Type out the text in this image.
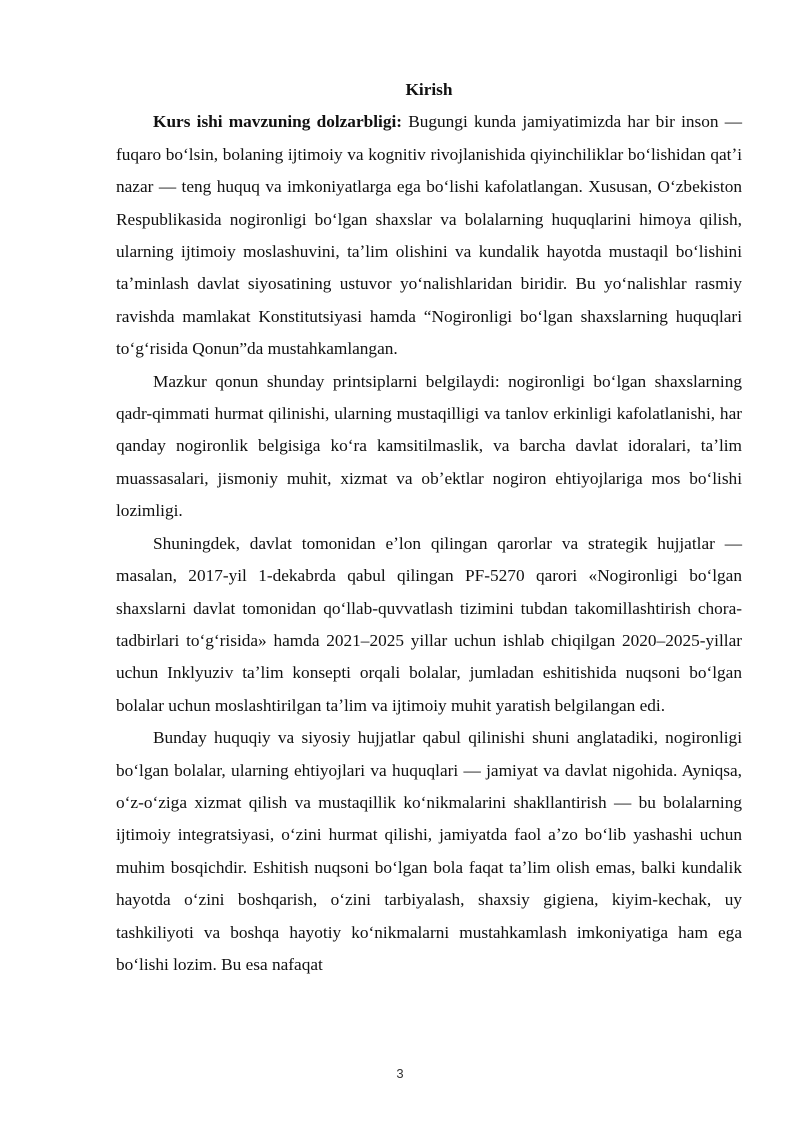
Kirish

Kurs ishi mavzuning dolzarbligi: Bugungi kunda jamiyatimizda har bir inson — fuqaro boʻlsin, bolaning ijtimoiy va kognitiv rivojlanishida qiyinchiliklar boʻlishidan qatʼi nazar — teng huquq va imkoniyatlarga ega boʻlishi kafolatlangan. Xususan, Oʻzbekiston Respublikasida nogironligi boʻlgan shaxslar va bolalarning huquqlarini himoya qilish, ularning ijtimoiy moslashuvini, taʼlim olishini va kundalik hayotda mustaqil boʻlishini taʼminlash davlat siyosatining ustuvor yoʻnalishlaridan biridir. Bu yoʻnalishlar rasmiy ravishda mamlakat Konstitutsiyasi hamda “Nogironligi boʻlgan shaxslarning huquqlari toʻgʻrisida Qonun”da mustahkamlangan.

Mazkur qonun shunday printsiplarni belgilaydi: nogironligi boʻlgan shaxslarning qadr-qimmati hurmat qilinishi, ularning mustaqilligi va tanlov erkinligi kafolatlanishi, har qanday nogironlik belgisiga koʻra kamsitilmaslik, va barcha davlat idoralari, taʼlim muassasalari, jismoniy muhit, xizmat va obʼektlar nogiron ehtiyojlariga mos boʻlishi lozimligi.

Shuningdek, davlat tomonidan eʼlon qilingan qarorlar va strategik hujjatlar — masalan, 2017-yil 1-dekabrda qabul qilingan PF-5270 qarori «Nogironligi boʻlgan shaxslarni davlat tomonidan qoʻllab-quvvatlash tizimini tubdan takomillashtirish chora-tadbirlari toʻgʻrisida» hamda 2021–2025 yillar uchun ishlab chiqilgan 2020–2025-yillar uchun Inklyuziv taʼlim konsepti orqali bolalar, jumladan eshitishida nuqsoni boʻlgan bolalar uchun moslashtirilgan taʼlim va ijtimoiy muhit yaratish belgilangan edi.

Bunday huquqiy va siyosiy hujjatlar qabul qilinishi shuni anglatadiki, nogironligi boʻlgan bolalar, ularning ehtiyojlari va huquqlari — jamiyat va davlat nigohida. Ayniqsa, oʻz-oʻziga xizmat qilish va mustaqillik koʻnikmalarini shakllantirish — bu bolalarning ijtimoiy integratsiyasi, oʻzini hurmat qilishi, jamiyatda faol aʼzo boʻlib yashashi uchun muhim bosqichdir. Eshitish nuqsoni boʻlgan bola faqat taʼlim olish emas, balki kundalik hayotda oʻzini boshqarish, oʻzini tarbiyalash, shaxsiy gigiena, kiyim-kechak, uy tashkiliyoti va boshqa hayotiy koʻnikmalarni mustahkamlash imkoniyatiga ham ega boʻlishi lozim. Bu esa nafaqat

3
